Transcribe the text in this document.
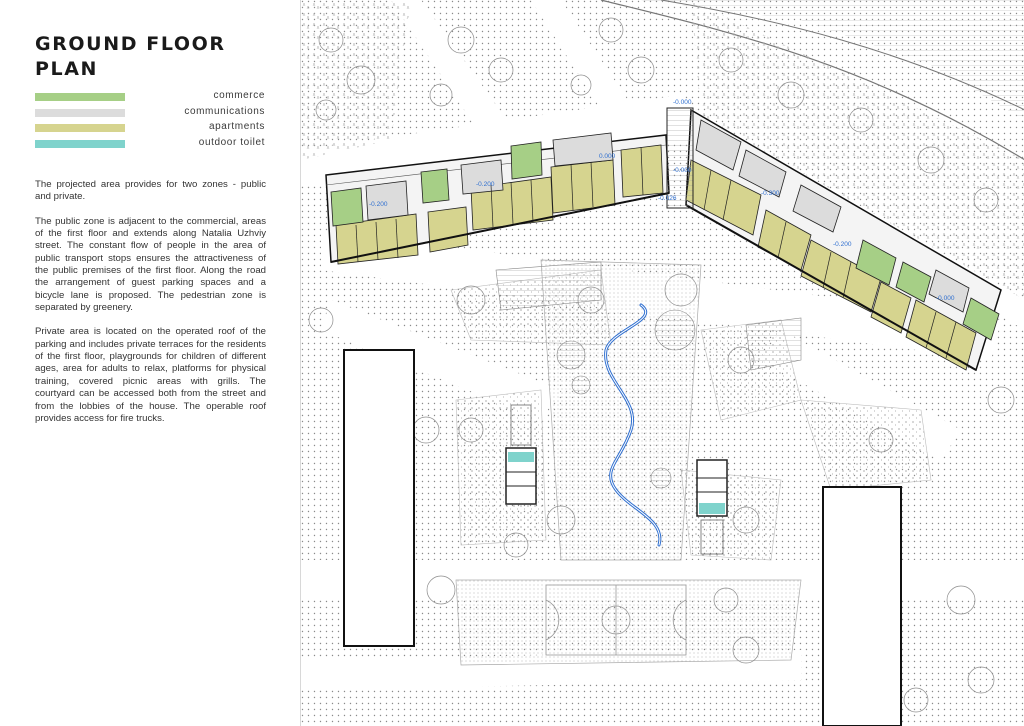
GROUND FLOOR
PLAN
commerce
communications
apartments
outdoor toilet

The projected area provides for two zones - public and private.

The public zone is adjacent to the commercial, areas of the first floor and extends along Natalia Uzhviy street. The constant flow of people in the area of public transport stops ensures the attractiveness of the public premises of the first floor. Along the road the arrangement of guest parking spaces and a bicycle lane is proposed. The pedestrian zone is separated by greenery.

Private area is located on the operated roof of the parking and includes private terraces for the residents of the first floor, playgrounds for children of different ages, area for adults to relax, platforms for physical training, covered picnic areas with grills. The courtyard can be accessed both from the street and from the lobbies of the house. The operable roof provides access for fire trucks.

-0.200
-0.200
0.000
-0.026
-0.000
-0.000
-0.300
-0.200
-0.000
